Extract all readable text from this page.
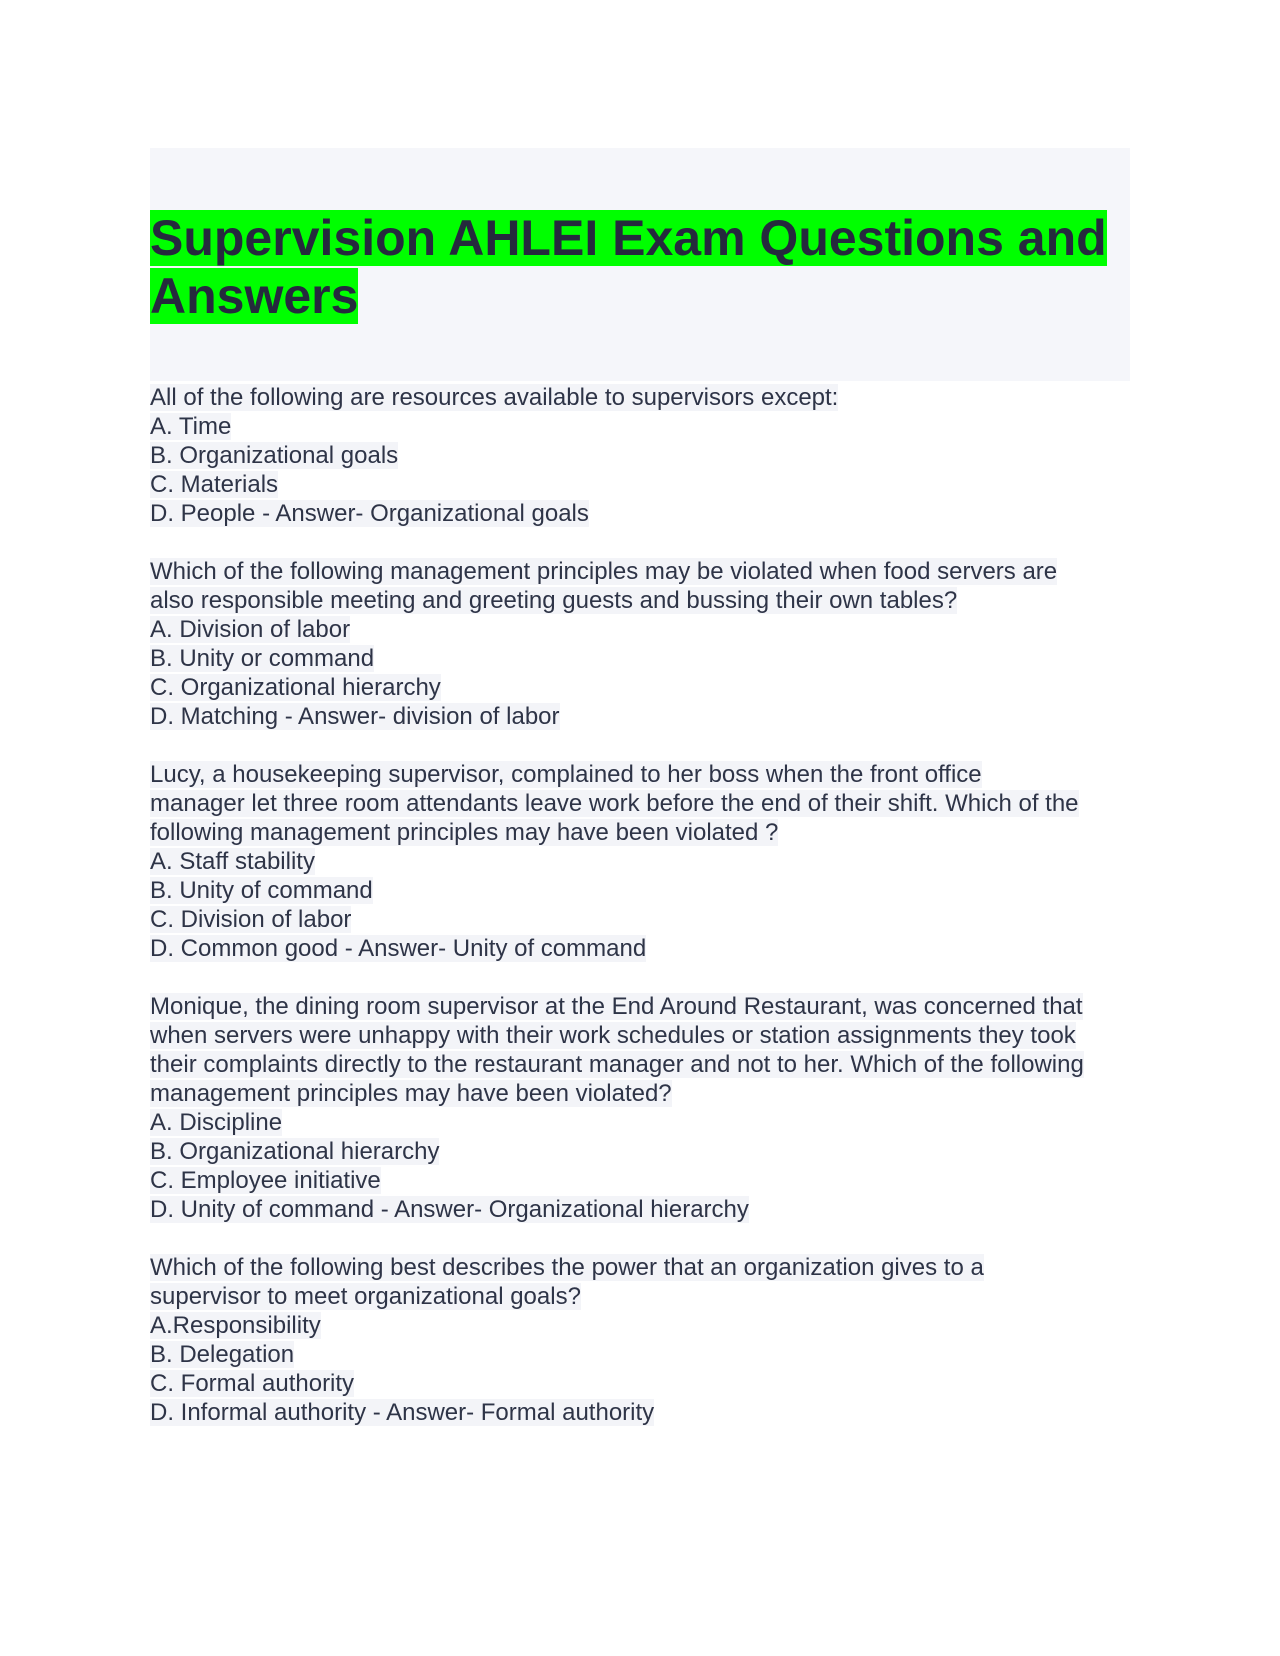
Supervision AHLEI Exam Questions and Answers
All of the following are resources available to supervisors except:
A. Time
B. Organizational goals
C. Materials
D. People - Answer- Organizational goals
Which of the following management principles may be violated when food servers are
also responsible meeting and greeting guests and bussing their own tables?
A. Division of labor
B. Unity or command
C. Organizational hierarchy
D. Matching - Answer- division of labor
Lucy, a housekeeping supervisor, complained to her boss when the front office
manager let three room attendants leave work before the end of their shift. Which of the
following management principles may have been violated ?
A. Staff stability
B. Unity of command
C. Division of labor
D. Common good - Answer- Unity of command
Monique, the dining room supervisor at the End Around Restaurant, was concerned that
when servers were unhappy with their work schedules or station assignments they took
their complaints directly to the restaurant manager and not to her. Which of the following
management principles may have been violated?
A. Discipline
B. Organizational hierarchy
C. Employee initiative
D. Unity of command - Answer- Organizational hierarchy
Which of the following best describes the power that an organization gives to a
supervisor to meet organizational goals?
A.Responsibility
B. Delegation
C. Formal authority
D. Informal authority - Answer- Formal authority
